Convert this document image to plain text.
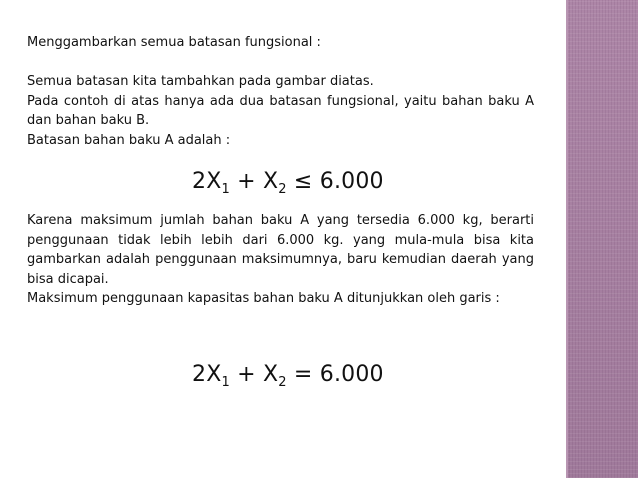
Menggambarkan semua batasan fungsional :

Semua batasan kita tambahkan pada gambar diatas.

Pada contoh di atas hanya ada dua batasan fungsional, yaitu bahan baku A dan bahan baku B.

Batasan bahan baku A adalah :

$2X_1 + X_2 \le 6.000$

Karena maksimum jumlah bahan baku A yang tersedia 6.000 kg, berarti penggunaan tidak lebih lebih dari 6.000 kg. yang mula-mula bisa kita gambarkan adalah penggunaan maksimumnya, baru kemudian daerah yang bisa dicapai.

Maksimum penggunaan kapasitas bahan baku A ditunjukkan oleh garis :

$2X_1 + X_2 = 6.000$
